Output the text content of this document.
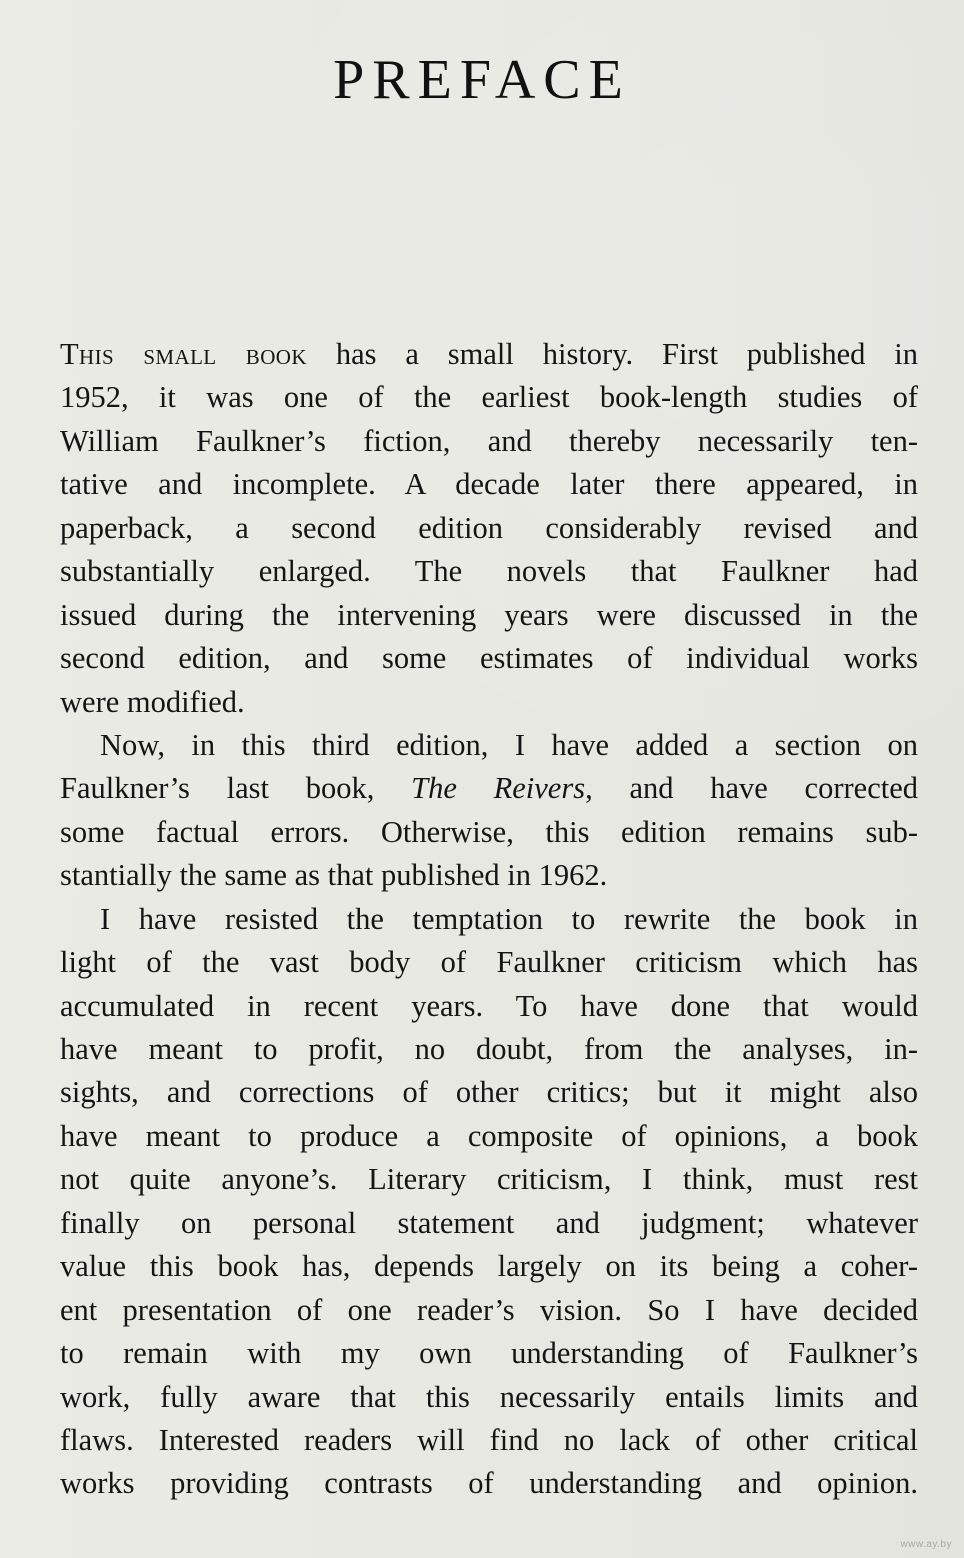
PREFACE
This small book has a small history. First published in
1952, it was one of the earliest book-length studies of
William Faulkner’s fiction, and thereby necessarily ten-
tative and incomplete. A decade later there appeared, in
paperback, a second edition considerably revised and
substantially enlarged. The novels that Faulkner had
issued during the intervening years were discussed in the
second edition, and some estimates of individual works
were modified.
Now, in this third edition, I have added a section on
Faulkner’s last book, The Reivers, and have corrected
some factual errors. Otherwise, this edition remains sub-
stantially the same as that published in 1962.
I have resisted the temptation to rewrite the book in
light of the vast body of Faulkner criticism which has
accumulated in recent years. To have done that would
have meant to profit, no doubt, from the analyses, in-
sights, and corrections of other critics; but it might also
have meant to produce a composite of opinions, a book
not quite anyone’s. Literary criticism, I think, must rest
finally on personal statement and judgment; whatever
value this book has, depends largely on its being a coher-
ent presentation of one reader’s vision. So I have decided
to remain with my own understanding of Faulkner’s
work, fully aware that this necessarily entails limits and
flaws. Interested readers will find no lack of other critical
works providing contrasts of understanding and opinion.
www.ay.by
